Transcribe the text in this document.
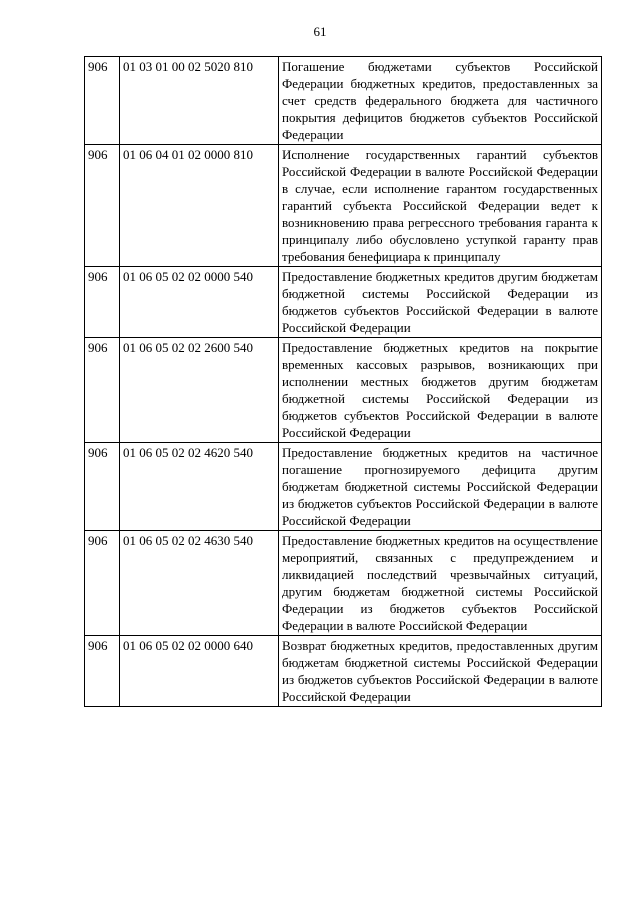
61
906	01 03 01 00 02 5020 810	Погашение бюджетами субъектов Российской Федерации бюджетных кредитов, предоставленных за счет средств федерального бюджета для частичного покрытия дефицитов бюджетов субъектов Российской Федерации
906	01 06 04 01 02 0000 810	Исполнение государственных гарантий субъектов Российской Федерации в валюте Российской Федерации в случае, если исполнение гарантом государственных гарантий субъекта Российской Федерации ведет к возникновению права регрессного требования гаранта к принципалу либо обусловлено уступкой гаранту прав требования бенефициара к принципалу
906	01 06 05 02 02 0000 540	Предоставление бюджетных кредитов другим бюджетам бюджетной системы Российской Федерации из бюджетов субъектов Российской Федерации в валюте Российской Федерации
906	01 06 05 02 02 2600 540	Предоставление бюджетных кредитов на покрытие временных кассовых разрывов, возникающих при исполнении местных бюджетов другим бюджетам бюджетной системы Российской Федерации из бюджетов субъектов Российской Федерации в валюте Российской Федерации
906	01 06 05 02 02 4620 540	Предоставление бюджетных кредитов на частичное погашение прогнозируемого дефицита другим бюджетам бюджетной системы Российской Федерации из бюджетов субъектов Российской Федерации в валюте Российской Федерации
906	01 06 05 02 02 4630 540	Предоставление бюджетных кредитов на осуществление мероприятий, связанных с предупреждением и ликвидацией последствий чрезвычайных ситуаций, другим бюджетам бюджетной системы Российской Федерации из бюджетов субъектов Российской Федерации в валюте Российской Федерации
906	01 06 05 02 02 0000 640	Возврат бюджетных кредитов, предоставленных другим бюджетам бюджетной системы Российской Федерации из бюджетов субъектов Российской Федерации в валюте Российской Федерации
